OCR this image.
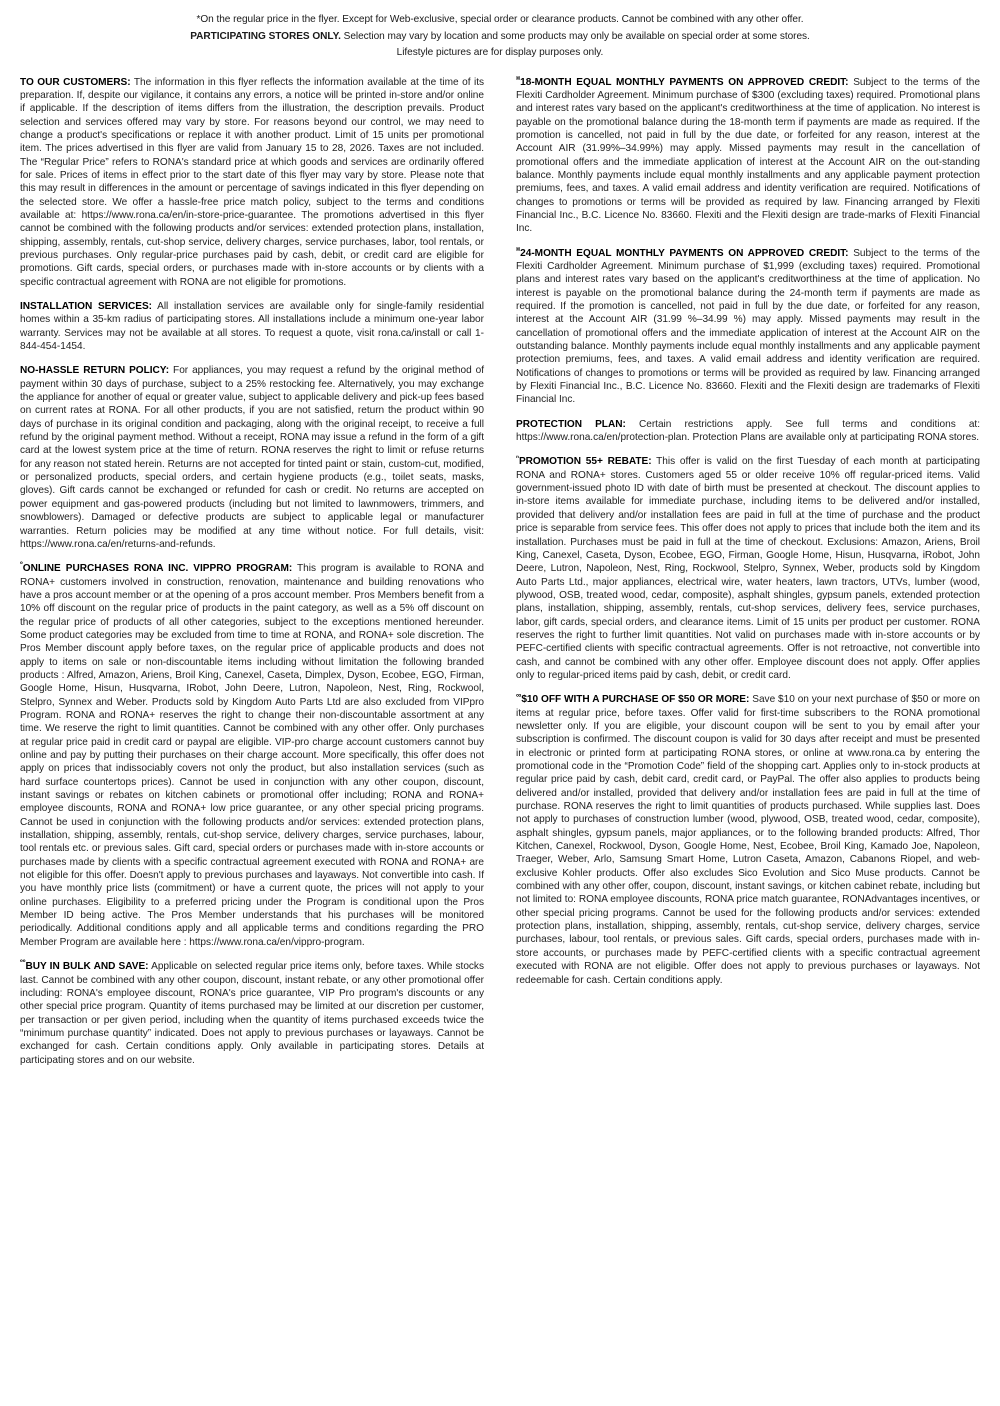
*On the regular price in the flyer. Except for Web-exclusive, special order or clearance products. Cannot be combined with any other offer.
PARTICIPATING STORES ONLY. Selection may vary by location and some products may only be available on special order at some stores.
Lifestyle pictures are for display purposes only.

TO OUR CUSTOMERS: The information in this flyer reflects the information available at the time of its preparation. If, despite our vigilance, it contains any errors, a notice will be printed in-store and/or online if applicable. If the description of items differs from the illustration, the description prevails. Product selection and services offered may vary by store. For reasons beyond our control, we may need to change a product's specifications or replace it with another product. Limit of 15 units per promotional item. The prices advertised in this flyer are valid from January 15 to 28, 2026. Taxes are not included. The “Regular Price” refers to RONA's standard price at which goods and services are ordinarily offered for sale. Prices of items in effect prior to the start date of this flyer may vary by store. Please note that this may result in differences in the amount or percentage of savings indicated in this flyer depending on the selected store. We offer a hassle-free price match policy, subject to the terms and conditions available at: https://www.rona.ca/en/in-store-price-guarantee. The promotions advertised in this flyer cannot be combined with the following products and/or services: extended protection plans, installation, shipping, assembly, rentals, cut-shop service, delivery charges, service purchases, labor, tool rentals, or previous purchases. Only regular-price purchases paid by cash, debit, or credit card are eligible for promotions. Gift cards, special orders, or purchases made with in-store accounts or by clients with a specific contractual agreement with RONA are not eligible for promotions.

INSTALLATION SERVICES: All installation services are available only for single-family residential homes within a 35-km radius of participating stores. All installations include a minimum one-year labor warranty. Services may not be available at all stores. To request a quote, visit rona.ca/install or call 1-844-454-1454.

NO-HASSLE RETURN POLICY: For appliances, you may request a refund by the original method of payment within 30 days of purchase, subject to a 25% restocking fee. Alternatively, you may exchange the appliance for another of equal or greater value, subject to applicable delivery and pick-up fees based on current rates at RONA. For all other products, if you are not satisfied, return the product within 90 days of purchase in its original condition and packaging, along with the original receipt, to receive a full refund by the original payment method. Without a receipt, RONA may issue a refund in the form of a gift card at the lowest system price at the time of return. RONA reserves the right to limit or refuse returns for any reason not stated herein. Returns are not accepted for tinted paint or stain, custom-cut, modified, or personalized products, special orders, and certain hygiene products (e.g., toilet seats, masks, gloves). Gift cards cannot be exchanged or refunded for cash or credit. No returns are accepted on power equipment and gas-powered products (including but not limited to lawnmowers, trimmers, and snowblowers). Damaged or defective products are subject to applicable legal or manufacturer warranties. Return policies may be modified at any time without notice. For full details, visit: https://www.rona.ca/en/returns-and-refunds.

$^º$ONLINE PURCHASES RONA INC. VIPPRO PROGRAM: This program is available to RONA and RONA+ customers involved in construction, renovation, maintenance and building renovations who have a pros account member or at the opening of a pros account member. Pros Members benefit from a 10% off discount on the regular price of products in the paint category, as well as a 5% off discount on the regular price of products of all other categories, subject to the exceptions mentioned hereunder. Some product categories may be excluded from time to time at RONA, and RONA+ sole discretion. The Pros Member discount apply before taxes, on the regular price of applicable products and does not apply to items on sale or non-discountable items including without limitation the following branded products : Alfred, Amazon, Ariens, Broil King, Canexel, Caseta, Dimplex, Dyson, Ecobee, EGO, Firman, Google Home, Hisun, Husqvarna, IRobot, John Deere, Lutron, Napoleon, Nest, Ring, Rockwool, Stelpro, Synnex and Weber. Products sold by Kingdom Auto Parts Ltd are also excluded from VIPpro Program. RONA and RONA+ reserves the right to change their non-discountable assortment at any time. We reserve the right to limit quantities. Cannot be combined with any other offer. Only purchases at regular price paid in credit card or paypal are eligible. VIP-pro charge account customers cannot buy online and pay by putting their purchases on their charge account. More specifically, this offer does not apply on prices that indissociably covers not only the product, but also installation services (such as hard surface countertops prices). Cannot be used in conjunction with any other coupon, discount, instant savings or rebates on kitchen cabinets or promotional offer including; RONA and RONA+ employee discounts, RONA and RONA+ low price guarantee, or any other special pricing programs. Cannot be used in conjunction with the following products and/or services: extended protection plans, installation, shipping, assembly, rentals, cut-shop service, delivery charges, service purchases, labour, tool rentals etc. or previous sales. Gift card, special orders or purchases made with in-store accounts or purchases made by clients with a specific contractual agreement executed with RONA and RONA+ are not eligible for this offer. Doesn't apply to previous purchases and layaways. Not convertible into cash. If you have monthly price lists (commitment) or have a current quote, the prices will not apply to your online purchases. Eligibility to a preferred pricing under the Program is conditional upon the Pros Member ID being active. The Pros Member understands that his purchases will be monitored periodically. Additional conditions apply and all applicable terms and conditions regarding the PRO Member Program are available here : https://www.rona.ca/en/vippro-program.

$^{ºº}$BUY IN BULK AND SAVE: Applicable on selected regular price items only, before taxes. While stocks last. Cannot be combined with any other coupon, discount, instant rebate, or any other promotional offer including: RONA's employee discount, RONA's price guarantee, VIP Pro program's discounts or any other special price program. Quantity of items purchased may be limited at our discretion per customer, per transaction or per given period, including when the quantity of items purchased exceeds twice the “minimum purchase quantity” indicated. Does not apply to previous purchases or layaways. Cannot be exchanged for cash. Certain conditions apply. Only available in participating stores. Details at participating stores and on our website.

¤18-MONTH EQUAL MONTHLY PAYMENTS ON APPROVED CREDIT: Subject to the terms of the Flexiti Cardholder Agreement. Minimum purchase of $300 (excluding taxes) required. Promotional plans and interest rates vary based on the applicant's creditworthiness at the time of application. No interest is payable on the promotional balance during the 18-month term if payments are made as required. If the promotion is cancelled, not paid in full by the due date, or forfeited for any reason, interest at the Account AIR (31.99%–34.99%) may apply. Missed payments may result in the cancellation of promotional offers and the immediate application of interest at the Account AIR on the out-standing balance. Monthly payments include equal monthly installments and any applicable payment protection premiums, fees, and taxes. A valid email address and identity verification are required. Notifications of changes to promotions or terms will be provided as required by law. Financing arranged by Flexiti Financial Inc., B.C. Licence No. 83660. Flexiti and the Flexiti design are trade-marks of Flexiti Financial Inc.

¤24-MONTH EQUAL MONTHLY PAYMENTS ON APPROVED CREDIT: Subject to the terms of the Flexiti Cardholder Agreement. Minimum purchase of $1,999 (excluding taxes) required. Promotional plans and interest rates vary based on the applicant's creditworthiness at the time of application. No interest is payable on the promotional balance during the 24-month term if payments are made as required. If the promotion is cancelled, not paid in full by the due date, or forfeited for any reason, interest at the Account AIR (31.99 %–34.99 %) may apply. Missed payments may result in the cancellation of promotional offers and the immediate application of interest at the Account AIR on the outstanding balance. Monthly payments include equal monthly installments and any applicable payment protection premiums, fees, and taxes. A valid email address and identity verification are required. Notifications of changes to promotions or terms will be provided as required by law. Financing arranged by Flexiti Financial Inc., B.C. Licence No. 83660. Flexiti and the Flexiti design are trademarks of Flexiti Financial Inc.

PROTECTION PLAN: Certain restrictions apply. See full terms and conditions at: https://www.rona.ca/en/protection-plan. Protection Plans are available only at participating RONA stores.

$^{^n}$PROMOTION 55+ REBATE: This offer is valid on the first Tuesday of each month at participating RONA and RONA+ stores. Customers aged 55 or older receive 10% off regular-priced items. Valid government-issued photo ID with date of birth must be presented at checkout. The discount applies to in-store items available for immediate purchase, including items to be delivered and/or installed, provided that delivery and/or installation fees are paid in full at the time of purchase and the product price is separable from service fees. This offer does not apply to prices that include both the item and its installation. Purchases must be paid in full at the time of checkout. Exclusions: Amazon, Ariens, Broil King, Canexel, Caseta, Dyson, Ecobee, EGO, Firman, Google Home, Hisun, Husqvarna, iRobot, John Deere, Lutron, Napoleon, Nest, Ring, Rockwool, Stelpro, Synnex, Weber, products sold by Kingdom Auto Parts Ltd., major appliances, electrical wire, water heaters, lawn tractors, UTVs, lumber (wood, plywood, OSB, treated wood, cedar, composite), asphalt shingles, gypsum panels, extended protection plans, installation, shipping, assembly, rentals, cut-shop services, delivery fees, service purchases, labor, gift cards, special orders, and clearance items. Limit of 15 units per product per customer. RONA reserves the right to further limit quantities. Not valid on purchases made with in-store accounts or by PEFC-certified clients with specific contractual agreements. Offer is not retroactive, not convertible into cash, and cannot be combined with any other offer. Employee discount does not apply. Offer applies only to regular-priced items paid by cash, debit, or credit card.

∞$10 OFF WITH A PURCHASE OF $50 OR MORE: Save $10 on your next purchase of $50 or more on items at regular price, before taxes. Offer valid for first-time subscribers to the RONA promotional newsletter only. If you are eligible, your discount coupon will be sent to you by email after your subscription is confirmed. The discount coupon is valid for 30 days after receipt and must be presented in electronic or printed form at participating RONA stores, or online at www.rona.ca by entering the promotional code in the “Promotion Code” field of the shopping cart. Applies only to in-stock products at regular price paid by cash, debit card, credit card, or PayPal. The offer also applies to products being delivered and/or installed, provided that delivery and/or installation fees are paid in full at the time of purchase. RONA reserves the right to limit quantities of products purchased. While supplies last. Does not apply to purchases of construction lumber (wood, plywood, OSB, treated wood, cedar, composite), asphalt shingles, gypsum panels, major appliances, or to the following branded products: Alfred, Thor Kitchen, Canexel, Rockwool, Dyson, Google Home, Nest, Ecobee, Broil King, Kamado Joe, Napoleon, Traeger, Weber, Arlo, Samsung Smart Home, Lutron Caseta, Amazon, Cabanons Riopel, and web-exclusive Kohler products. Offer also excludes Sico Evolution and Sico Muse products. Cannot be combined with any other offer, coupon, discount, instant savings, or kitchen cabinet rebate, including but not limited to: RONA employee discounts, RONA price match guarantee, RONAdvantages incentives, or other special pricing programs. Cannot be used for the following products and/or services: extended protection plans, installation, shipping, assembly, rentals, cut-shop service, delivery charges, service purchases, labour, tool rentals, or previous sales. Gift cards, special orders, purchases made with in-store accounts, or purchases made by PEFC-certified clients with a specific contractual agreement executed with RONA are not eligible. Offer does not apply to previous purchases or layaways. Not redeemable for cash. Certain conditions apply.
